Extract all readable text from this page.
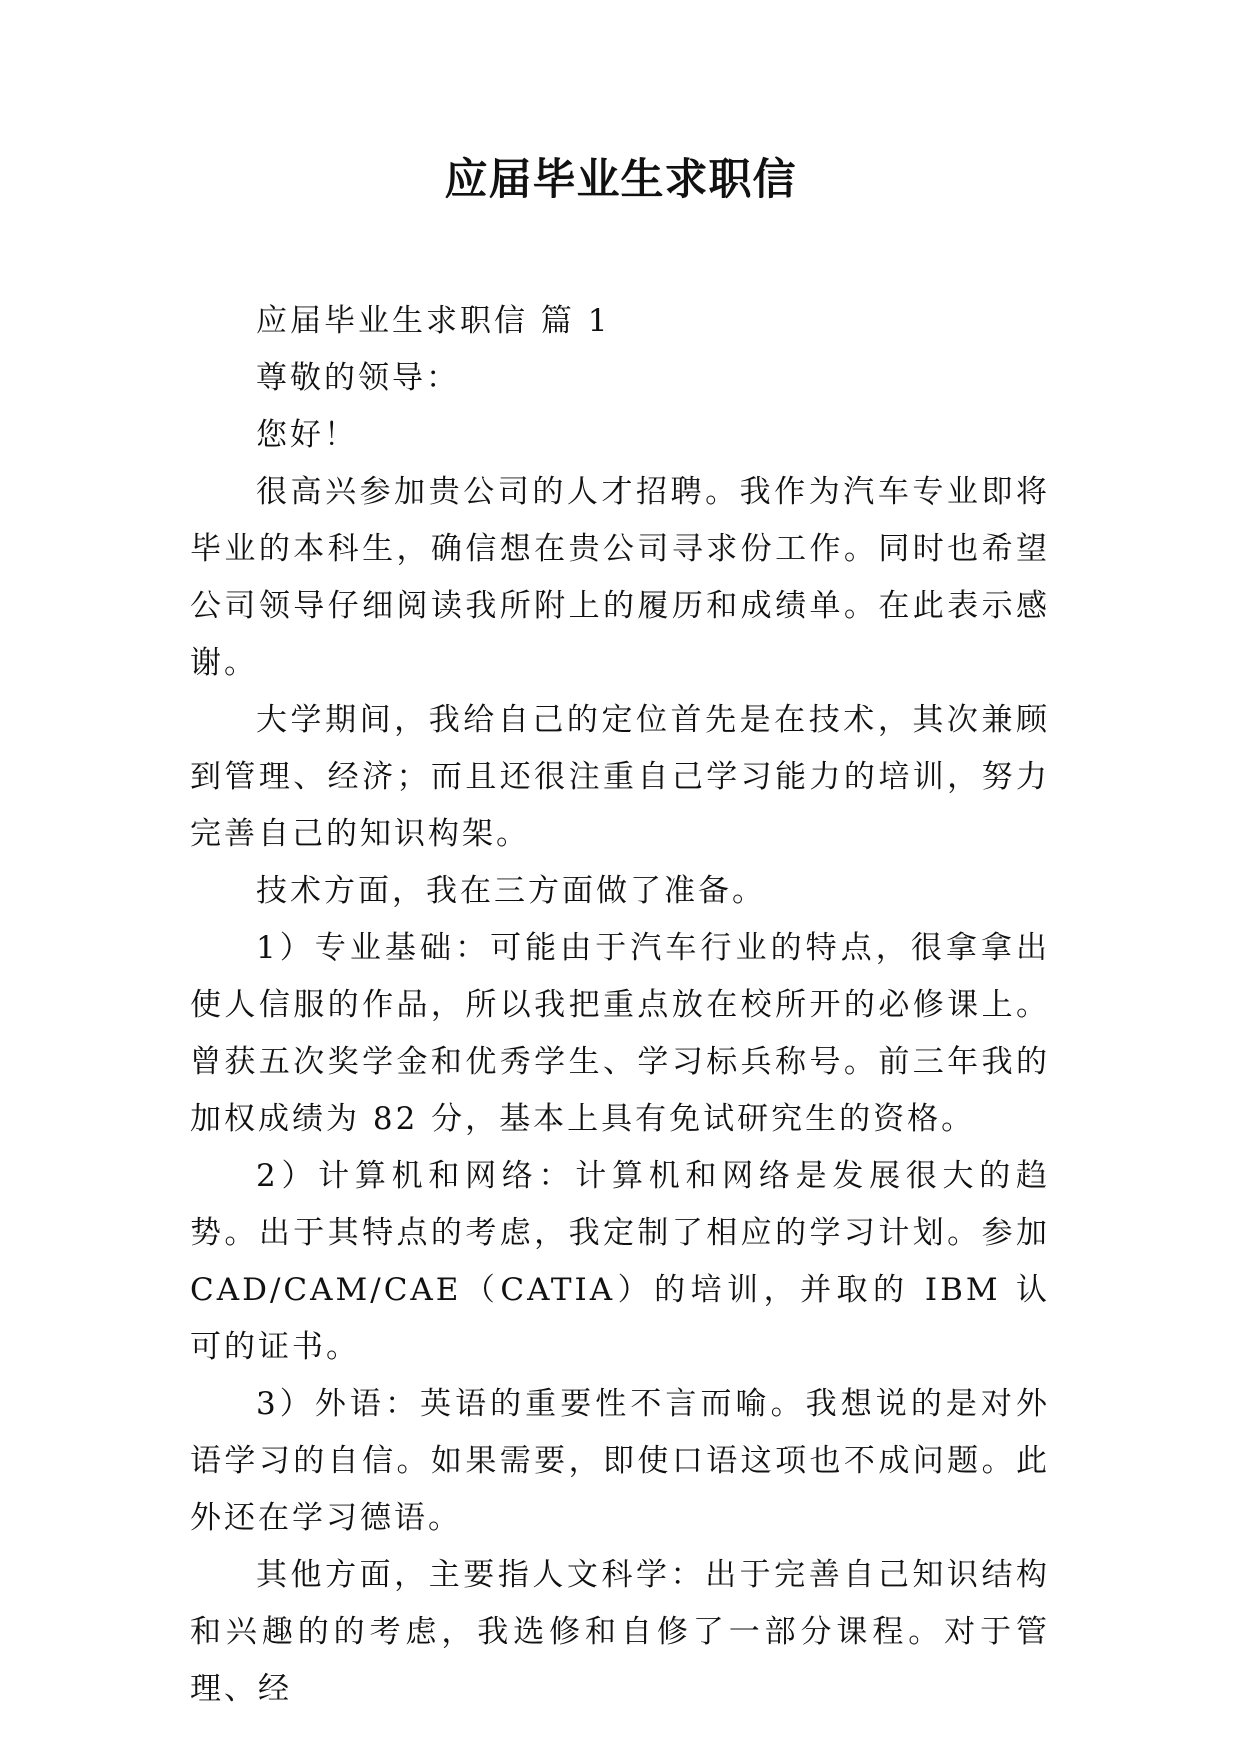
应届毕业生求职信

应届毕业生求职信 篇 1

尊敬的领导：

您好！

很高兴参加贵公司的人才招聘。我作为汽车专业即将毕业的本科生，确信想在贵公司寻求份工作。同时也希望公司领导仔细阅读我所附上的履历和成绩单。在此表示感谢。

大学期间，我给自己的定位首先是在技术，其次兼顾到管理、经济；而且还很注重自己学习能力的培训，努力完善自己的知识构架。

技术方面，我在三方面做了准备。

1）专业基础：可能由于汽车行业的特点，很拿拿出使人信服的作品，所以我把重点放在校所开的必修课上。曾获五次奖学金和优秀学生、学习标兵称号。前三年我的加权成绩为 82 分，基本上具有免试研究生的资格。

2）计算机和网络：计算机和网络是发展很大的趋势。出于其特点的考虑，我定制了相应的学习计划。参加 CAD/CAM/CAE（CATIA）的培训，并取的 IBM 认可的证书。

3）外语：英语的重要性不言而喻。我想说的是对外语学习的自信。如果需要，即使口语这项也不成问题。此外还在学习德语。

其他方面，主要指人文科学：出于完善自己知识结构和兴趣的的考虑，我选修和自修了一部分课程。对于管理、经
